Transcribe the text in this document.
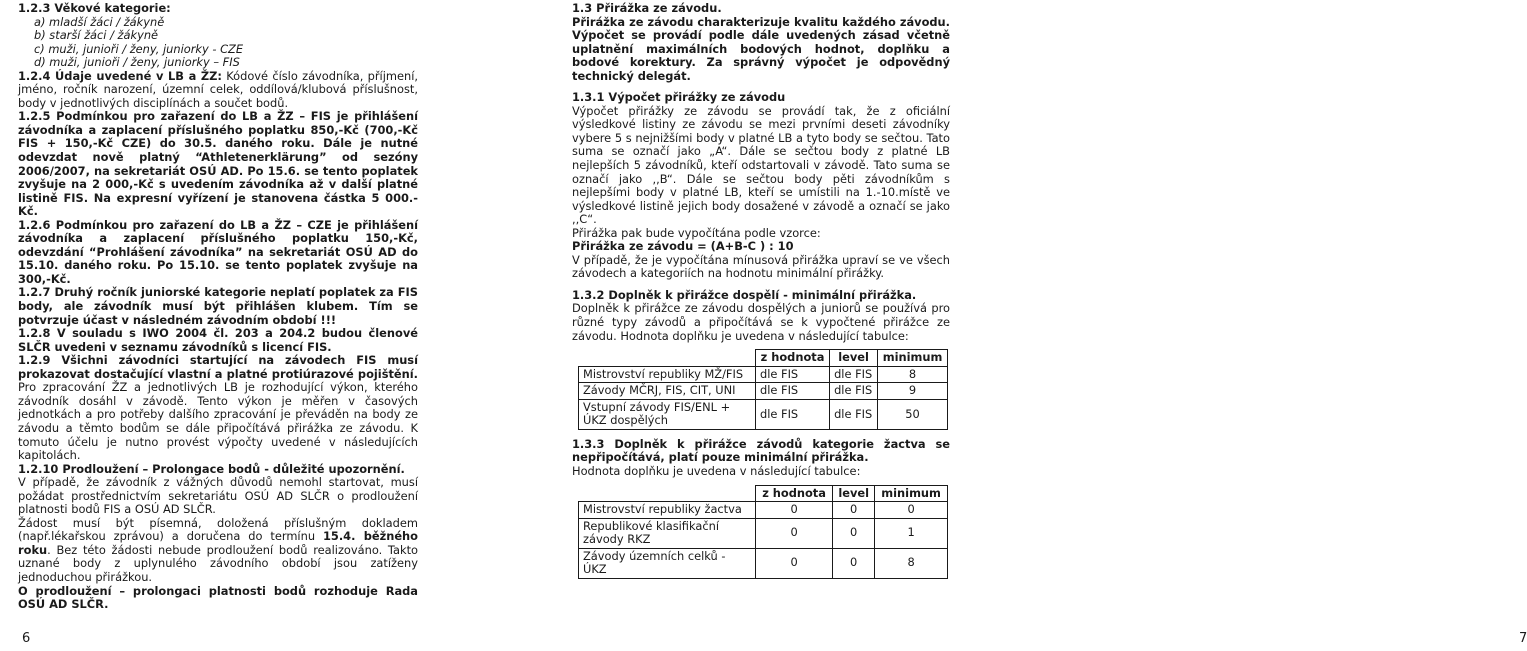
1.2.3 Věkové kategorie:

a) mladší žáci / žákyně

b) starší žáci / žákyně

c) muži, junioři / ženy, juniorky - CZE

d) muži, junioři / ženy, juniorky – FIS

1.2.4 Údaje uvedené v LB a ŽZ: Kódové číslo závodníka, příjmení, jméno, ročník narození, územní celek, oddílová/klubová příslušnost, body v jednotlivých disciplínách a součet bodů.

1.2.5 Podmínkou pro zařazení do LB a ŽZ – FIS je přihlášení závodníka a zaplacení příslušného poplatku 850,-Kč (700,-Kč FIS + 150,-Kč CZE) do 30.5. daného roku. Dále je nutné odevzdat nově platný “Athletenerklärung” od sezóny 2006/2007, na sekretariát OSÚ AD. Po 15.6. se tento poplatek zvyšuje na 2 000,-Kč s uvedením závodníka až v další platné listině FIS. Na expresní vyřízení je stanovena částka 5 000.- Kč.

1.2.6 Podmínkou pro zařazení do LB a ŽZ – CZE je přihlášení závodníka a zaplacení příslušného poplatku 150,-Kč, odevzdání “Prohlášení závodníka” na sekretariát OSÚ AD do 15.10. daného roku. Po 15.10. se tento poplatek zvyšuje na 300,-Kč.

1.2.7 Druhý ročník juniorské kategorie neplatí poplatek za FIS body, ale závodník musí být přihlášen klubem. Tím se potvrzuje účast v následném závodním období !!!

1.2.8 V souladu s IWO 2004 čl. 203 a 204.2 budou členové SLČR uvedeni v seznamu závodníků s licencí FIS.

1.2.9 Všichni závodníci startující na závodech FIS musí prokazovat dostačující vlastní a platné protiúrazové pojištění. Pro zpracování ŽZ a jednotlivých LB je rozhodující výkon, kterého závodník dosáhl v závodě. Tento výkon je měřen v časových jednotkách a pro potřeby dalšího zpracování je převáděn na body ze závodu a těmto bodům se dále připočítává přirážka ze závodu. K tomuto účelu je nutno provést výpočty uvedené v následujících kapitolách.

1.2.10 Prodloužení – Prolongace bodů - důležité upozornění.

V případě, že závodník z vážných důvodů nemohl startovat, musí požádat prostřednictvím sekretariátu OSÚ AD SLČR o prodloužení platnosti bodů FIS a OSÚ AD SLČR.

Žádost musí být písemná, doložená příslušným dokladem (např.lékařskou zprávou) a doručena do termínu 15.4. běžného roku. Bez této žádosti nebude prodloužení bodů realizováno. Takto uznané body z uplynulého závodního období jsou zatíženy jednoduchou přirážkou.

O prodloužení – prolongaci platnosti bodů rozhoduje Rada OSÚ AD SLČR.

6

1.3 Přirážka ze závodu.

Přirážka ze závodu charakterizuje kvalitu každého závodu. Výpočet se provádí podle dále uvedených zásad včetně uplatnění maximálních bodových hodnot, doplňku a bodové korektury. Za správný výpočet je odpovědný technický delegát.

1.3.1 Výpočet přirážky ze závodu

Výpočet přirážky ze závodu se provádí tak, že z oficiální výsledkové listiny ze závodu se mezi prvními deseti závodníky vybere 5 s nejnižšími body v platné LB a tyto body se sečtou. Tato suma se označí jako „A“. Dále se sečtou body z platné LB nejlepších 5 závodníků, kteří odstartovali v závodě. Tato suma se označí jako ,,B“. Dále se sečtou body pěti závodníkům s nejlepšími body v platné LB, kteří se umístili na 1.-10.místě ve výsledkové listině jejich body dosažené v závodě a označí se jako ,,C“.

Přirážka pak bude vypočítána podle vzorce:

Přirážka ze závodu = (A+B-C ) : 10

V případě, že je vypočítána mínusová přirážka upraví se ve všech závodech a kategoriích na hodnotu minimální přirážky.

1.3.2 Doplněk k přirážce dospělí - minimální přirážka.

Doplněk k přirážce ze závodu dospělých a juniorů se používá pro různé typy závodů a připočítává se k vypočtené přirážce ze závodu. Hodnota doplňku je uvedena v následující tabulce:

	z hodnota	level	minimum
Mistrovství republiky MŽ/FIS	dle FIS	dle FIS	8
Závody MČRJ, FIS, CIT, UNI	dle FIS	dle FIS	9
Vstupní závody FIS/ENL + ÚKZ dospělých	dle FIS	dle FIS	50

1.3.3 Doplněk k přirážce závodů kategorie žactva se nepřipočítává, platí pouze minimální přirážka.

Hodnota doplňku je uvedena v následující tabulce:

	z hodnota	level	minimum
Mistrovství republiky žactva	0	0	0
Republikové klasifikační závody RKZ	0	0	1
Závody územních celků - ÚKZ	0	0	8
7
